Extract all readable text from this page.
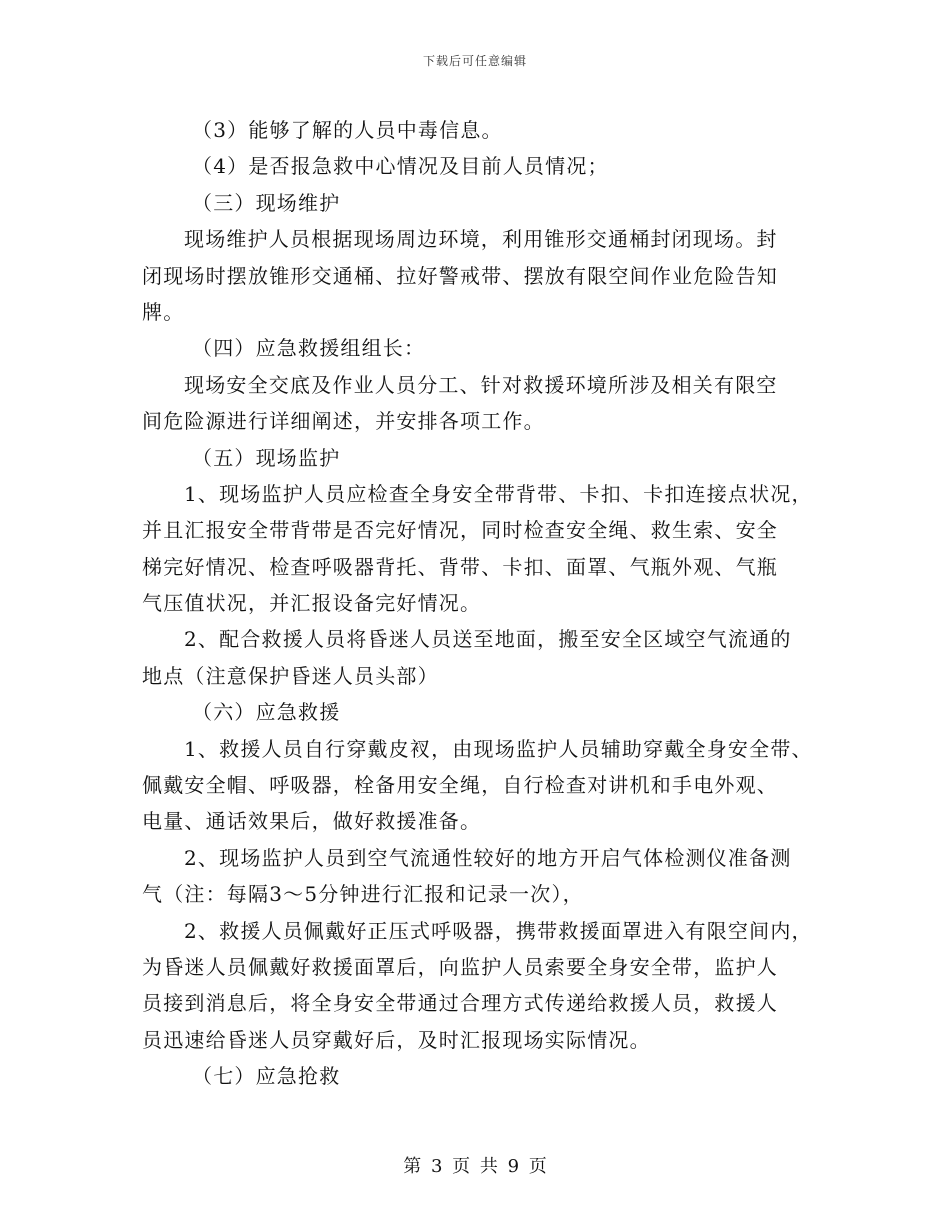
下载后可任意编辑
（3）能够了解的人员中毒信息。
（4）是否报急救中心情况及目前人员情况；
（三）现场维护
现场维护人员根据现场周边环境，利用锥形交通桶封闭现场。封
闭现场时摆放锥形交通桶、拉好警戒带、摆放有限空间作业危险告知
牌。
（四）应急救援组组长：
现场安全交底及作业人员分工、针对救援环境所涉及相关有限空
间危险源进行详细阐述，并安排各项工作。
（五）现场监护
1、现场监护人员应检查全身安全带背带、卡扣、卡扣连接点状况，
并且汇报安全带背带是否完好情况，同时检查安全绳、救生索、安全
梯完好情况、检查呼吸器背托、背带、卡扣、面罩、气瓶外观、气瓶
气压值状况，并汇报设备完好情况。
2、配合救援人员将昏迷人员送至地面，搬至安全区域空气流通的
地点（注意保护昏迷人员头部）
（六）应急救援
1、救援人员自行穿戴皮衩，由现场监护人员辅助穿戴全身安全带、
佩戴安全帽、呼吸器，栓备用安全绳，自行检查对讲机和手电外观、
电量、通话效果后，做好救援准备。
2、现场监护人员到空气流通性较好的地方开启气体检测仪准备测
气（注：每隔3～5分钟进行汇报和记录一次），
2、救援人员佩戴好正压式呼吸器，携带救援面罩进入有限空间内，
为昏迷人员佩戴好救援面罩后，向监护人员索要全身安全带，监护人
员接到消息后，将全身安全带通过合理方式传递给救援人员，救援人
员迅速给昏迷人员穿戴好后，及时汇报现场实际情况。
（七）应急抢救
第 3 页 共 9 页
